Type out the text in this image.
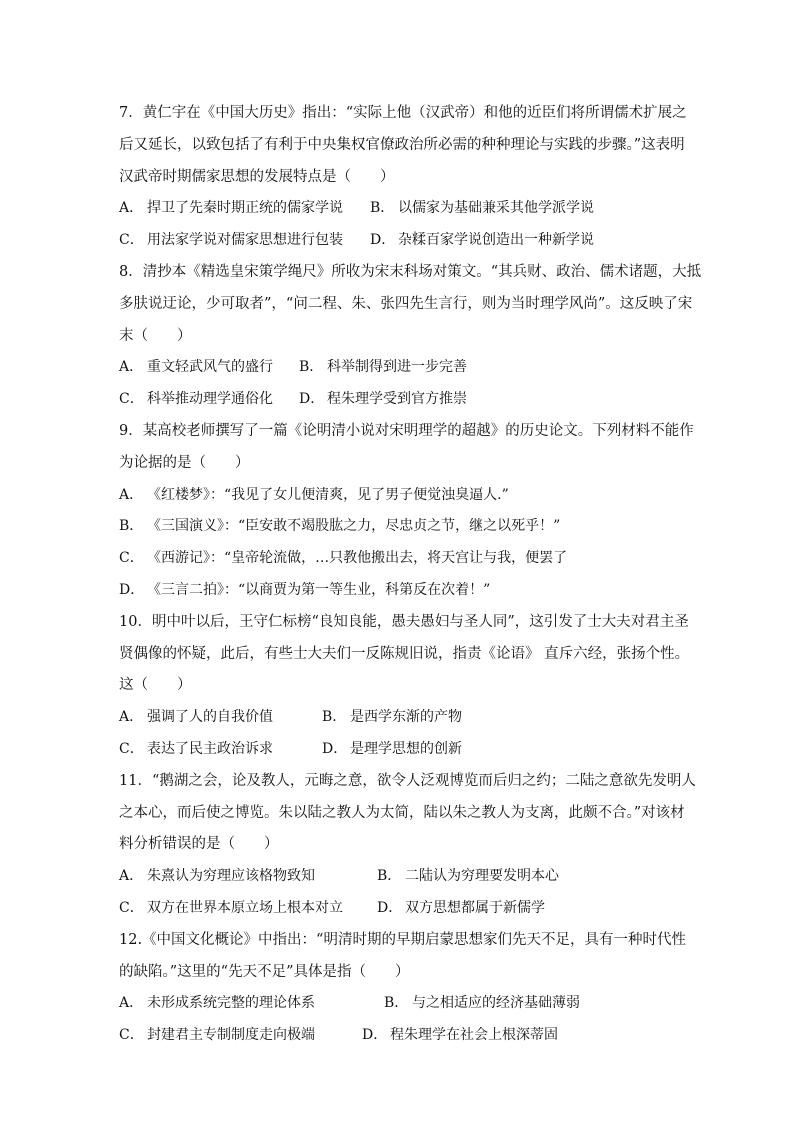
7．黄仁宇在《中国大历史》指出：“实际上他（汉武帝）和他的近臣们将所谓儒术扩展之
后又延长，以致包括了有利于中央集权官僚政治所必需的种种理论与实践的步骤。”这表明
汉武帝时期儒家思想的发展特点是（　　）
A． 捍卫了先秦时期正统的儒家学说 B． 以儒家为基础兼采其他学派学说
C． 用法家学说对儒家思想进行包装 D． 杂糅百家学说创造出一种新学说
8．清抄本《精选皇宋策学绳尺》所收为宋末科场对策文。“其兵财、政治、儒术诸题，大抵
多肤说迂论，少可取者”，“问二程、朱、张四先生言行，则为当时理学风尚”。这反映了宋
末（　　）
A． 重文轻武风气的盛行 B． 科举制得到进一步完善
C． 科举推动理学通俗化 D． 程朱理学受到官方推崇
9．某高校老师撰写了一篇《论明清小说对宋明理学的超越》的历史论文。下列材料不能作
为论据的是（　　）
A． 《红楼梦》：“我见了女儿便清爽，见了男子便觉浊臭逼人.”
B． 《三国演义》：“臣安敢不竭股肱之力，尽忠贞之节，继之以死乎！”
C． 《西游记》：“皇帝轮流做，…只教他搬出去，将天宫让与我，便罢了
D． 《三言二拍》：“以商贾为第一等生业，科第反在次着！”
10．明中叶以后，王守仁标榜“良知良能，愚夫愚妇与圣人同”，这引发了士大夫对君主圣
贤偶像的怀疑，此后，有些士大夫们一反陈规旧说，指责《论语》 直斥六经，张扬个性。
这（　　）
A． 强调了人的自我价值	B． 是西学东渐的产物
C． 表达了民主政治诉求	D． 是理学思想的创新
11．“鹅湖之会，论及教人，元晦之意，欲令人泛观博览而后归之约；二陆之意欲先发明人
之本心，而后使之博览。朱以陆之教人为太简，陆以朱之教人为支离，此颇不合。”对该材
料分析错误的是（　　）
A． 朱熹认为穷理应该格物致知	B． 二陆认为穷理要发明本心
C． 双方在世界本原立场上根本对立 D． 双方思想都属于新儒学
12.《中国文化概论》中指出：“明清时期的早期启蒙思想家们先天不足，具有一种时代性
的缺陷。”这里的“先天不足”具体是指（　　）
A． 未形成系统完整的理论体系	B． 与之相适应的经济基础薄弱
C． 封建君主专制制度走向极端	D． 程朱理学在社会上根深蒂固
